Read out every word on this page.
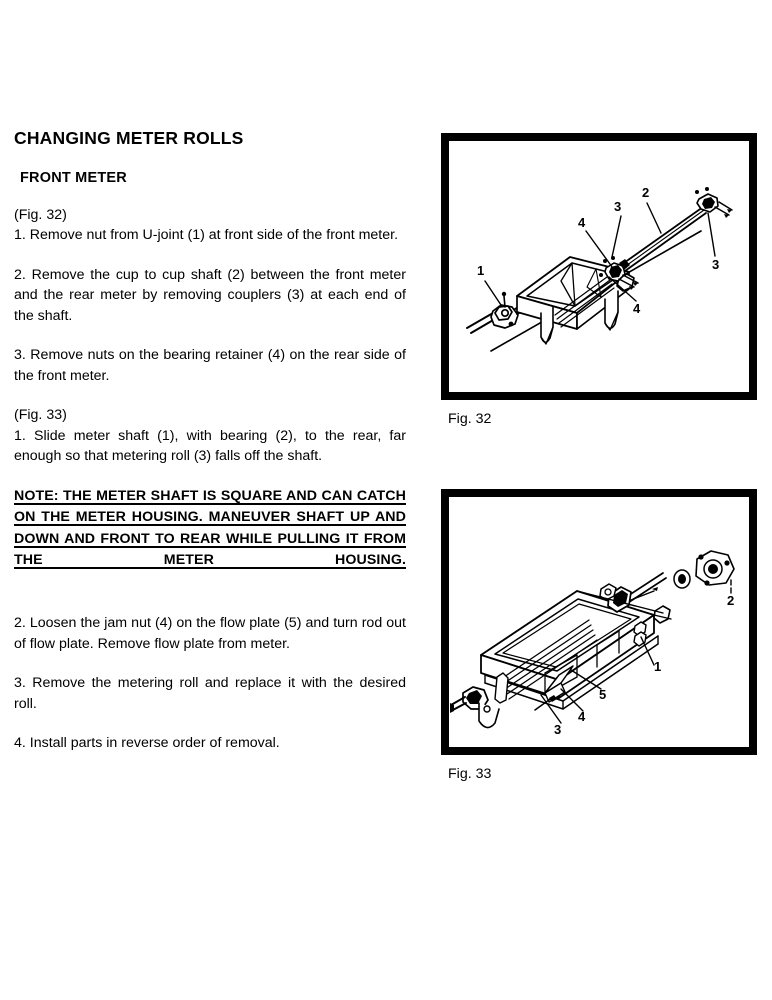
CHANGING METER ROLLS
FRONT METER

(Fig. 32)

1. Remove nut from U-joint (1) at front side of the front meter.

2. Remove the cup to cup shaft (2) between the front meter and the rear meter by removing couplers (3) at each end of the shaft.

3. Remove nuts on the bearing retainer (4) on the rear side of the front meter.

(Fig. 33)

1. Slide meter shaft (1), with bearing (2), to the rear, far enough so that metering roll (3) falls off the shaft.

NOTE: THE METER SHAFT IS SQUARE AND CAN CATCH ON THE METER HOUSING. MANEUVER SHAFT UP AND DOWN AND FRONT TO REAR WHILE PULLING IT FROM THE METER HOUSING.

2. Loosen the jam nut (4) on the flow plate (5) and turn rod out of flow plate. Remove flow plate from meter.

3. Remove the metering roll and replace it with the desired roll.

4. Install parts in reverse order of removal.

1
2
3
3
4
4
Fig. 32
1
2
3
4
5
Fig. 33
